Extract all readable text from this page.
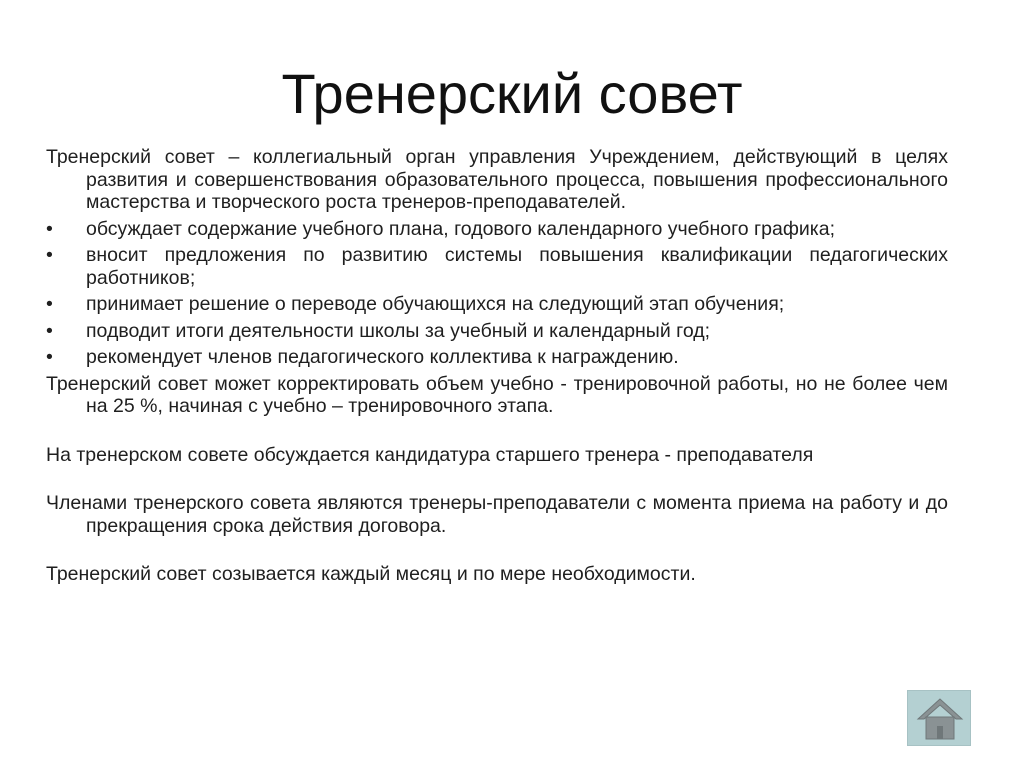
Тренерский совет

Тренерский совет – коллегиальный орган управления Учреждением, действующий в целях развития и совершенствования образовательного процесса, повышения профессионального мастерства и творческого роста тренеров-преподавателей.

•	обсуждает содержание учебного плана, годового календарного учебного графика;
•	вносит предложения по развитию системы повышения квалификации педагогических работников;
•	принимает решение о переводе обучающихся на следующий этап обучения;
•	подводит итоги деятельности школы за учебный и календарный год;
•	рекомендует членов педагогического коллектива к награждению.

Тренерский совет может корректировать объем учебно - тренировочной работы, но не более чем на 25 %, начиная с учебно – тренировочного этапа.

На тренерском совете обсуждается кандидатура старшего тренера - преподавателя

Членами тренерского совета являются тренеры-преподаватели с момента приема на работу и до прекращения срока действия договора.

Тренерский совет созывается каждый месяц и по мере необходимости.
